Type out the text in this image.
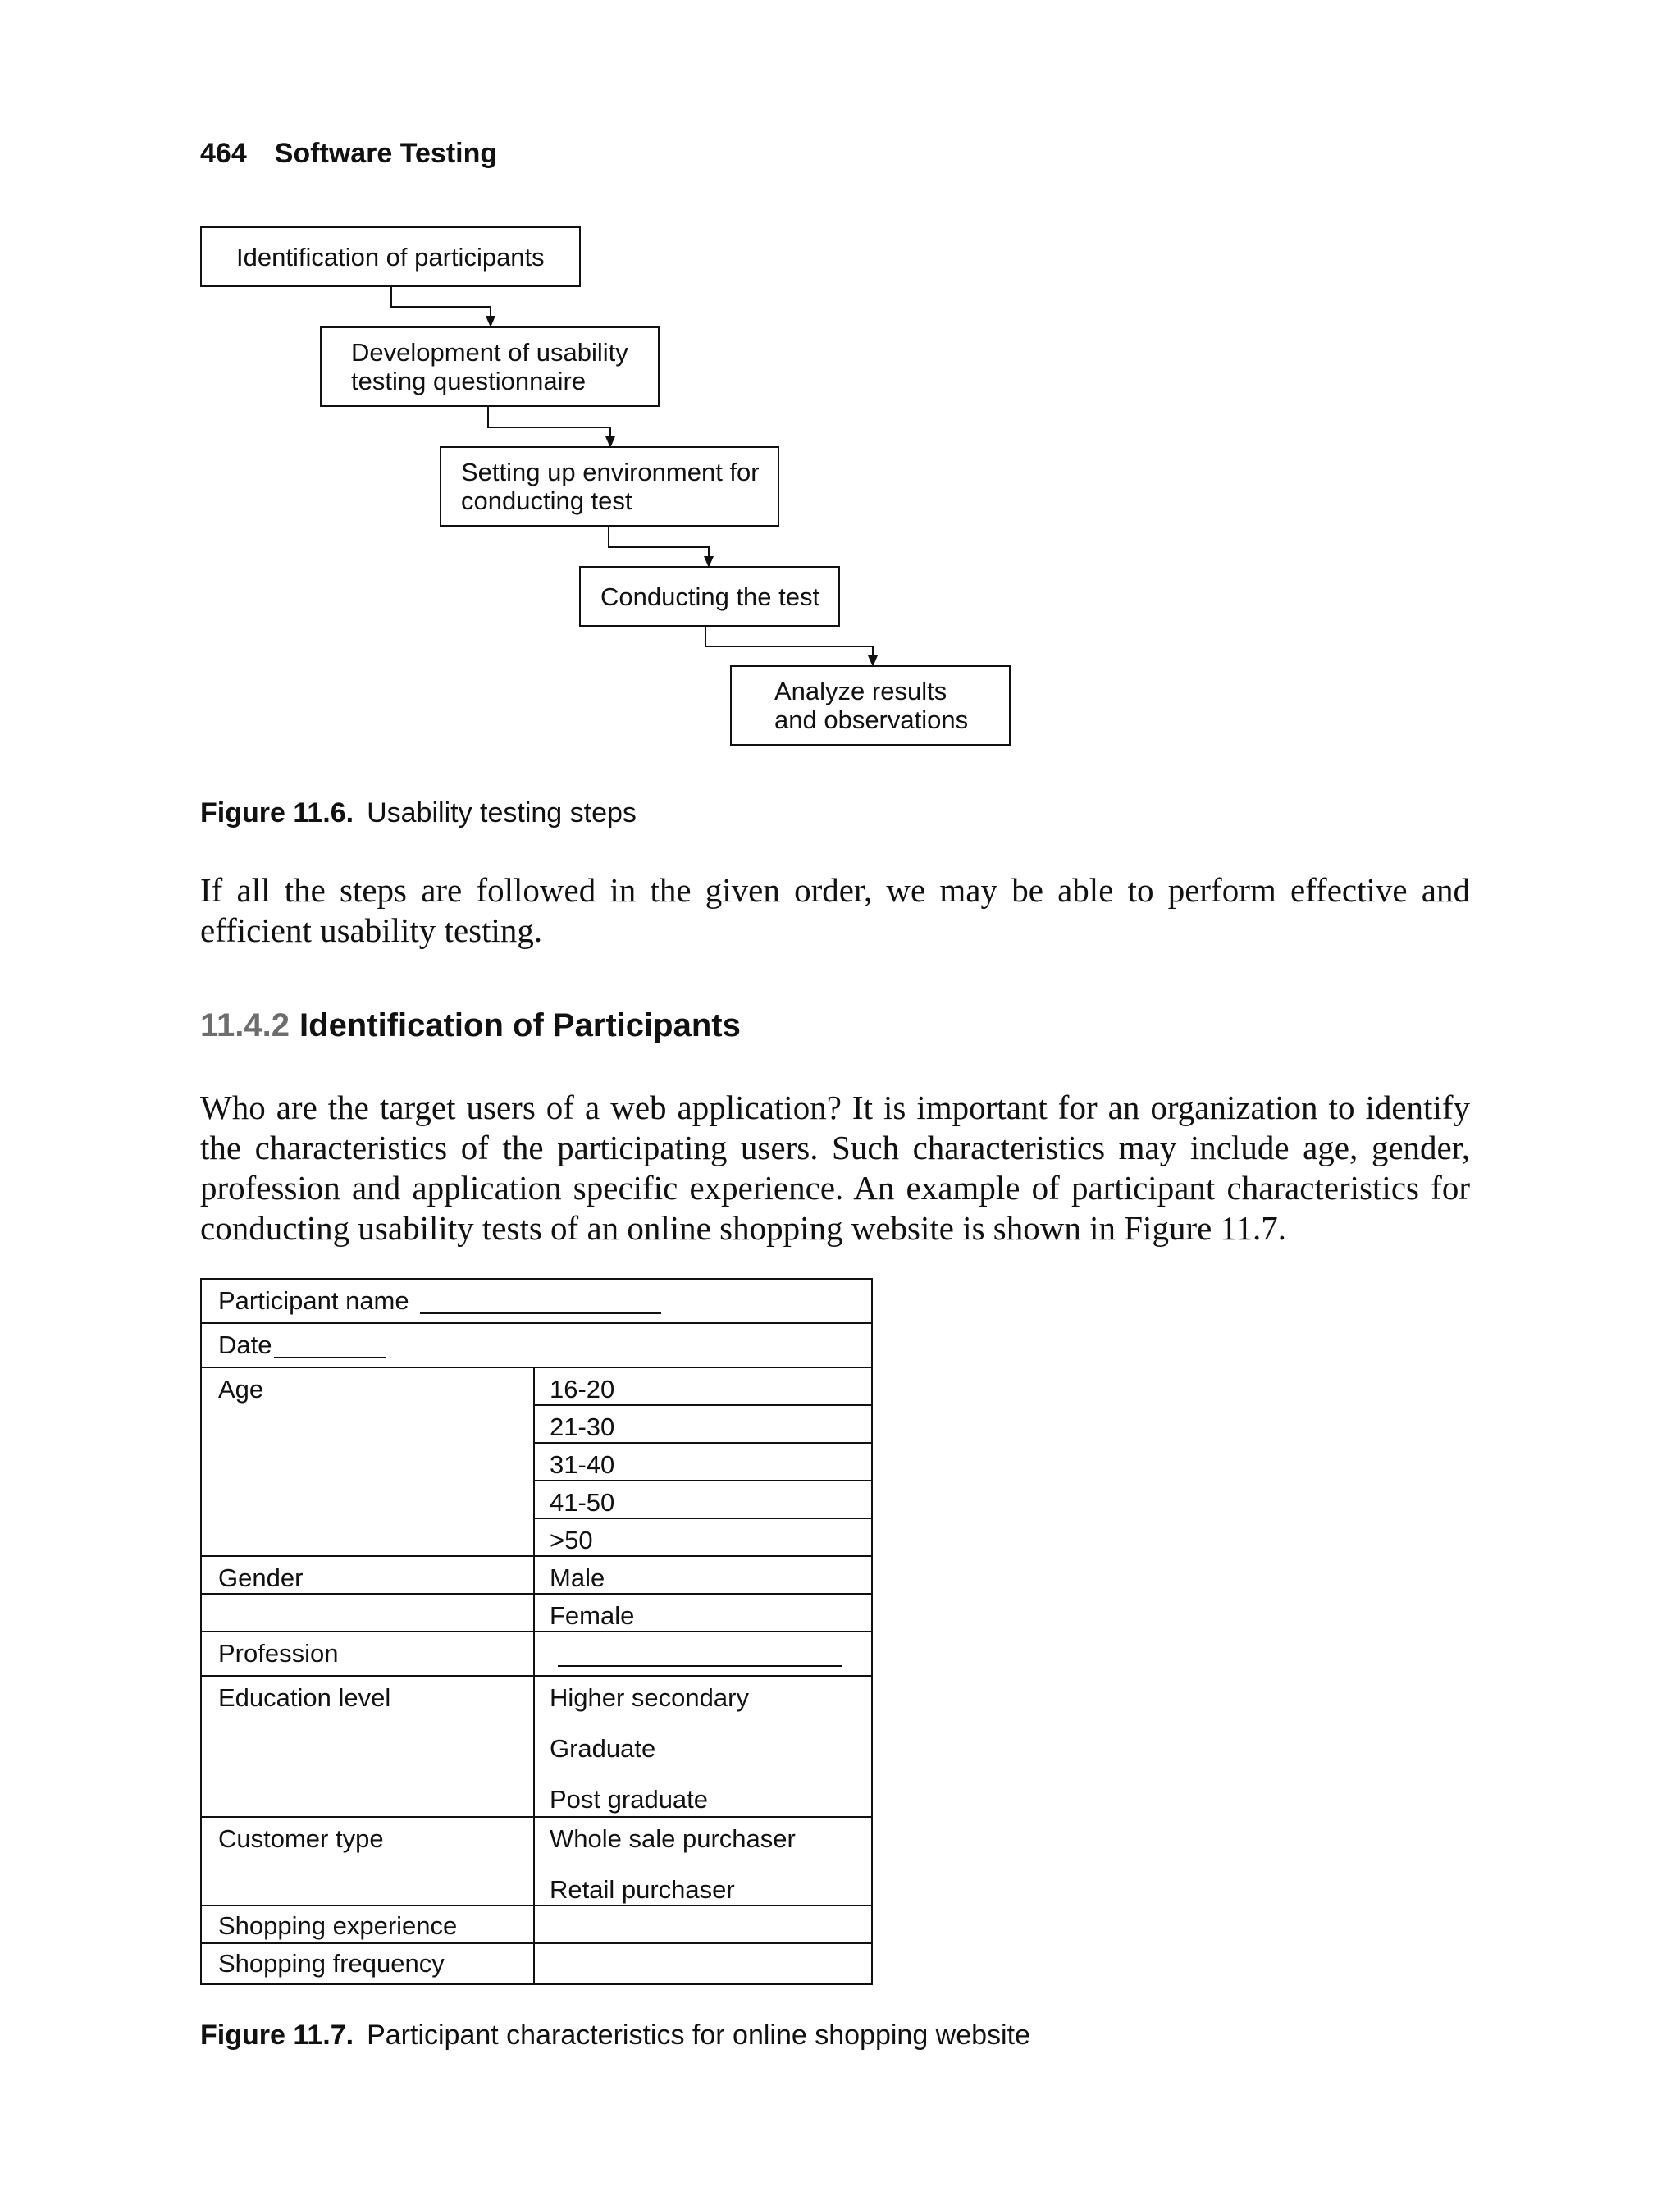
464 Software Testing
Identification of participants
Development of usability
testing questionnaire
Setting up environment for
conducting test
Conducting the test
Analyze results
and observations
Figure 11.6. Usability testing steps
If all the steps are followed in the given order, we may be able to perform effective and efficient usability testing.
11.4.2 Identification of Participants
Who are the target users of a web application? It is important for an organization to identify the characteristics of the participating users. Such characteristics may include age, gender, profession and application specific experience. An example of participant characteristics for conducting usability tests of an online shopping website is shown in Figure 11.7.
Participant name
Date
Age	16-20
21-30
31-40
41-50
>50
Gender	Male
Female
Profession
Education level	Higher secondary
Graduate
Post graduate
Customer type	Whole sale purchaser
Retail purchaser
Shopping experience
Shopping frequency
Figure 11.7. Participant characteristics for online shopping website
